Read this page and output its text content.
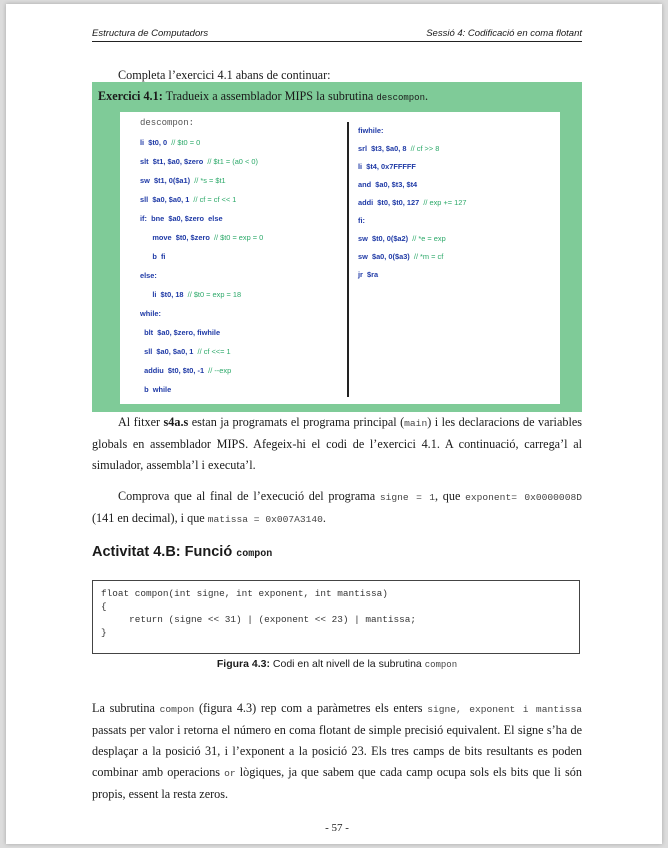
Estructura de Computadors	Sessió 4: Codificació en coma flotant

Completa l’exercici 4.1 abans de continuar:

Exercici 4.1: Tradueix a assemblador MIPS la subrutina descompon.
descompon:
li  $t0, 0  // $t0 = 0
slt  $t1, $a0, $zero  // $t1 = (a0 < 0)
sw  $t1, 0($a1)  // *s = $t1
sll  $a0, $a0, 1  // cf = cf << 1
if:  bne  $a0, $zero  else
move  $t0, $zero  // $t0 = exp = 0
b  fi
else:
li  $t0, 18  // $t0 = exp = 18
while:
blt  $a0, $zero, fiwhile
sll  $a0, $a0, 1  // cf <<= 1
addiu  $t0, $t0, -1  // --exp
b  while
fiwhile:
srl  $t3, $a0, 8  // cf >> 8
li  $t4, 0x7FFFFF
and  $a0, $t3, $t4
addi  $t0, $t0, 127  // exp += 127
fi:
sw  $t0, 0($a2)  // *e = exp
sw  $a0, 0($a3)  // *m = cf
jr  $ra

Al fitxer s4a.s estan ja programats el programa principal (main) i les declaracions de variables globals en assemblador MIPS. Afegeix-hi el codi de l’exercici 4.1. A continuació, carrega’l al simulador, assembla’l i executa’l.

Comprova que al final de l’execució del programa signe = 1, que exponent= 0x0000008D (141 en decimal), i que matissa = 0x007A3140.

Activitat 4.B: Funció compon
float compon(int signe, int exponent, int mantissa)
{
return (signe << 31) | (exponent << 23) | mantissa;
}
Figura 4.3: Codi en alt nivell de la subrutina compon

La subrutina compon (figura 4.3) rep com a paràmetres els enters signe, exponent i mantissa passats per valor i retorna el número en coma flotant de simple precisió equivalent. El signe s’ha de desplaçar a la posició 31, i l’exponent a la posició 23. Els tres camps de bits resultants es poden combinar amb operacions or lògiques, ja que sabem que cada camp ocupa sols els bits que li són propis, essent la resta zeros.

- 57 -
